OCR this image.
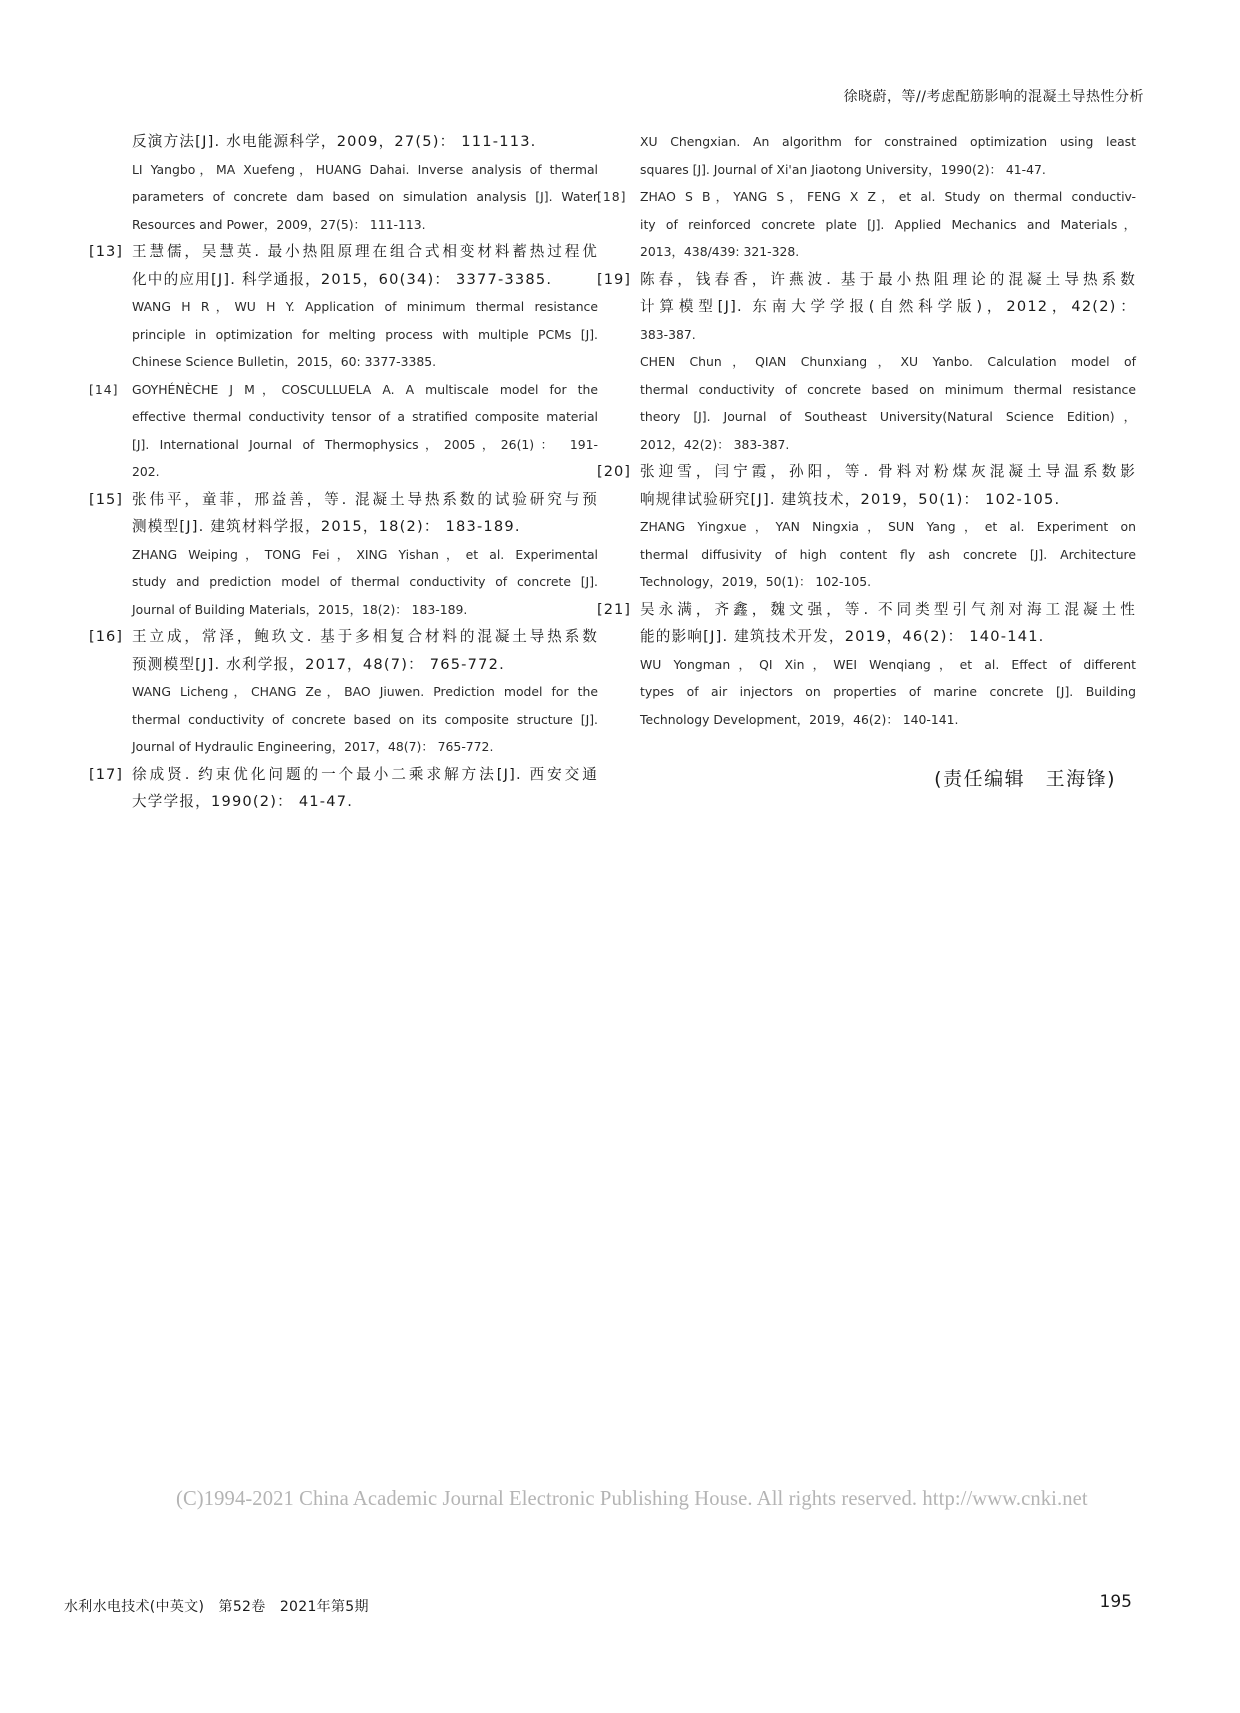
徐晓蔚，等//考虑配筋影响的混凝土导热性分析
反演方法[J]. 水电能源科学，2009，27(5)： 111-113.
LI Yangbo，MA Xuefeng，HUANG Dahai. Inverse analysis of thermal
parameters of concrete dam based on simulation analysis [J]. Water
Resources and Power，2009，27(5)： 111-113.
[13] 王慧儒，吴慧英. 最小热阻原理在组合式相变材料蓄热过程优
化中的应用[J]. 科学通报，2015，60(34)： 3377-3385.
WANG H R，WU H Y. Application of minimum thermal resistance
principle in optimization for melting process with multiple PCMs [J].
Chinese Science Bulletin，2015，60: 3377-3385.
[14] GOYHÉNÈCHE J M，COSCULLUELA A. A multiscale model for the
effective thermal conductivity tensor of a stratified composite material
[J]. International Journal of Thermophysics，2005，26(1)： 191-
202.
[15] 张伟平，童菲，邢益善，等. 混凝土导热系数的试验研究与预
测模型[J]. 建筑材料学报，2015，18(2)： 183-189.
ZHANG Weiping，TONG Fei，XING Yishan，et al. Experimental
study and prediction model of thermal conductivity of concrete [J].
Journal of Building Materials，2015，18(2)： 183-189.
[16] 王立成，常泽，鲍玖文. 基于多相复合材料的混凝土导热系数
预测模型[J]. 水利学报，2017，48(7)： 765-772.
WANG Licheng，CHANG Ze，BAO Jiuwen. Prediction model for the
thermal conductivity of concrete based on its composite structure [J].
Journal of Hydraulic Engineering，2017，48(7)： 765-772.
[17] 徐成贤. 约束优化问题的一个最小二乘求解方法[J]. 西安交通
大学学报，1990(2)： 41-47.
XU Chengxian. An algorithm for constrained optimization using least
squares [J]. Journal of Xi'an Jiaotong University，1990(2)： 41-47.
[18] ZHAO S B，YANG S，FENG X Z，et al. Study on thermal conductiv-
ity of reinforced concrete plate [J]. Applied Mechanics and Materials，
2013，438/439: 321-328.
[19] 陈春，钱春香，许燕波. 基于最小热阻理论的混凝土导热系数
计算模型[J]. 东南大学学报(自然科学版)，2012，42(2)：
383-387.
CHEN Chun，QIAN Chunxiang，XU Yanbo. Calculation model of
thermal conductivity of concrete based on minimum thermal resistance
theory [J]. Journal of Southeast University(Natural Science Edition)，
2012，42(2)： 383-387.
[20] 张迎雪，闫宁霞，孙阳，等. 骨料对粉煤灰混凝土导温系数影
响规律试验研究[J]. 建筑技术，2019，50(1)： 102-105.
ZHANG Yingxue，YAN Ningxia，SUN Yang，et al. Experiment on
thermal diffusivity of high content fly ash concrete [J]. Architecture
Technology，2019，50(1)： 102-105.
[21] 吴永满，齐鑫，魏文强，等. 不同类型引气剂对海工混凝土性
能的影响[J]. 建筑技术开发，2019，46(2)： 140-141.
WU Yongman，QI Xin，WEI Wenqiang，et al. Effect of different
types of air injectors on properties of marine concrete [J]. Building
Technology Development，2019，46(2)： 140-141.
(责任编辑　王海锋)
(C)1994-2021 China Academic Journal Electronic Publishing House. All rights reserved. http://www.cnki.net
水利水电技术(中英文)　第52卷　2021年第5期	195
